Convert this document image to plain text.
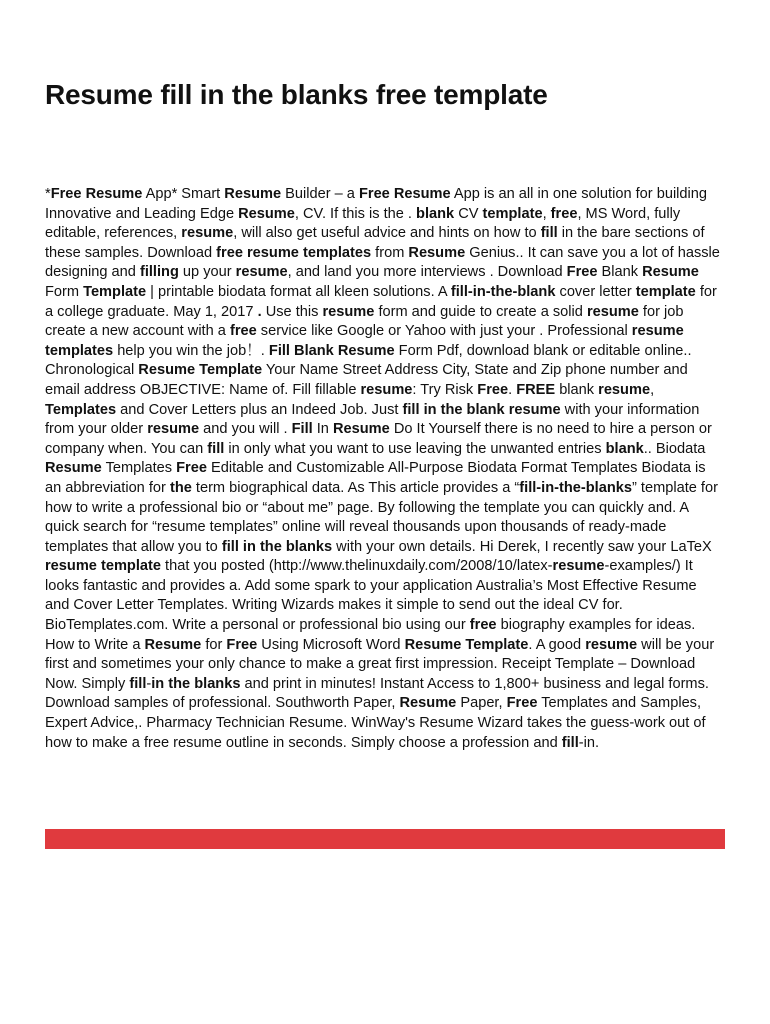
Resume fill in the blanks free template
*Free Resume App* Smart Resume Builder – a Free Resume App is an all in one solution for building Innovative and Leading Edge Resume, CV. If this is the . blank CV template, free, MS Word, fully editable, references, resume, will also get useful advice and hints on how to fill in the bare sections of these samples. Download free resume templates from Resume Genius.. It can save you a lot of hassle designing and filling up your resume, and land you more interviews . Download Free Blank Resume Form Template | printable biodata format all kleen solutions. A fill-in-the-blank cover letter template for a college graduate. May 1, 2017 . Use this resume form and guide to create a solid resume for job create a new account with a free service like Google or Yahoo with just your . Professional resume templates help you win the job！. Fill Blank Resume Form Pdf, download blank or editable online.. Chronological Resume Template Your Name Street Address City, State and Zip phone number and email address OBJECTIVE: Name of. Fill fillable resume: Try Risk Free. FREE blank resume, Templates and Cover Letters plus an Indeed Job. Just fill in the blank resume with your information from your older resume and you will . Fill In Resume Do It Yourself there is no need to hire a person or company when. You can fill in only what you want to use leaving the unwanted entries blank.. Biodata Resume Templates Free Editable and Customizable All-Purpose Biodata Format Templates Biodata is an abbreviation for the term biographical data. As This article provides a “fill-in-the-blanks” template for how to write a professional bio or “about me” page. By following the template you can quickly and. A quick search for “resume templates” online will reveal thousands upon thousands of ready-made templates that allow you to fill in the blanks with your own details. Hi Derek, I recently saw your LaTeX resume template that you posted (http://www.thelinuxdaily.com/2008/10/latex-resume-examples/) It looks fantastic and provides a. Add some spark to your application Australia’s Most Effective Resume and Cover Letter Templates. Writing Wizards makes it simple to send out the ideal CV for. BioTemplates.com. Write a personal or professional bio using our free biography examples for ideas. How to Write a Resume for Free Using Microsoft Word Resume Template. A good resume will be your first and sometimes your only chance to make a great first impression. Receipt Template – Download Now. Simply fill-in the blanks and print in minutes! Instant Access to 1,800+ business and legal forms. Download samples of professional. Southworth Paper, Resume Paper, Free Templates and Samples, Expert Advice,. Pharmacy Technician Resume. WinWay's Resume Wizard takes the guess-work out of how to make a free resume outline in seconds. Simply choose a profession and fill-in.
